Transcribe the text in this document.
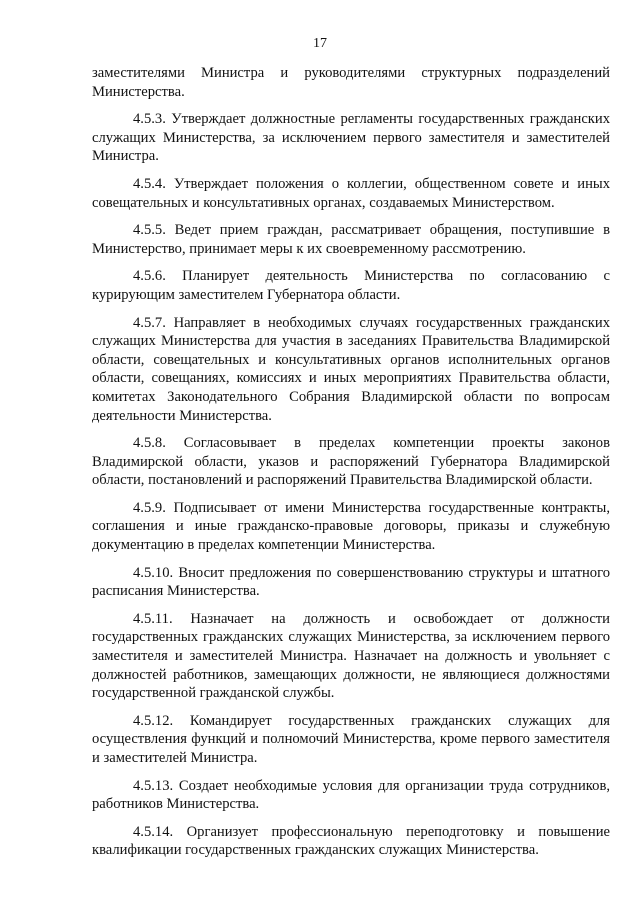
17

заместителями Министра и руководителями структурных подразделений Министерства.

4.5.3. Утверждает должностные регламенты государственных гражданских служащих Министерства, за исключением первого заместителя и заместителей Министра.

4.5.4. Утверждает положения о коллегии, общественном совете и иных совещательных и консультативных органах, создаваемых Министерством.

4.5.5. Ведет прием граждан, рассматривает обращения, поступившие в Министерство, принимает меры к их своевременному рассмотрению.

4.5.6. Планирует деятельность Министерства по согласованию с курирующим заместителем Губернатора области.

4.5.7. Направляет в необходимых случаях государственных гражданских служащих Министерства для участия в заседаниях Правительства Владимирской области, совещательных и консультативных органов исполнительных органов области, совещаниях, комиссиях и иных мероприятиях Правительства области, комитетах Законодательного Собрания Владимирской области по вопросам деятельности Министерства.

4.5.8. Согласовывает в пределах компетенции проекты законов Владимирской области, указов и распоряжений Губернатора Владимирской области, постановлений и распоряжений Правительства Владимирской области.

4.5.9. Подписывает от имени Министерства государственные контракты, соглашения и иные гражданско-правовые договоры, приказы и служебную документацию в пределах компетенции Министерства.

4.5.10. Вносит предложения по совершенствованию структуры и штатного расписания Министерства.

4.5.11. Назначает на должность и освобождает от должности государственных гражданских служащих Министерства, за исключением первого заместителя и заместителей Министра. Назначает на должность и увольняет с должностей работников, замещающих должности, не являющиеся должностями государственной гражданской службы.

4.5.12. Командирует государственных гражданских служащих для осуществления функций и полномочий Министерства, кроме первого заместителя и заместителей Министра.

4.5.13. Создает необходимые условия для организации труда сотрудников, работников Министерства.

4.5.14. Организует профессиональную переподготовку и повышение квалификации государственных гражданских служащих Министерства.
